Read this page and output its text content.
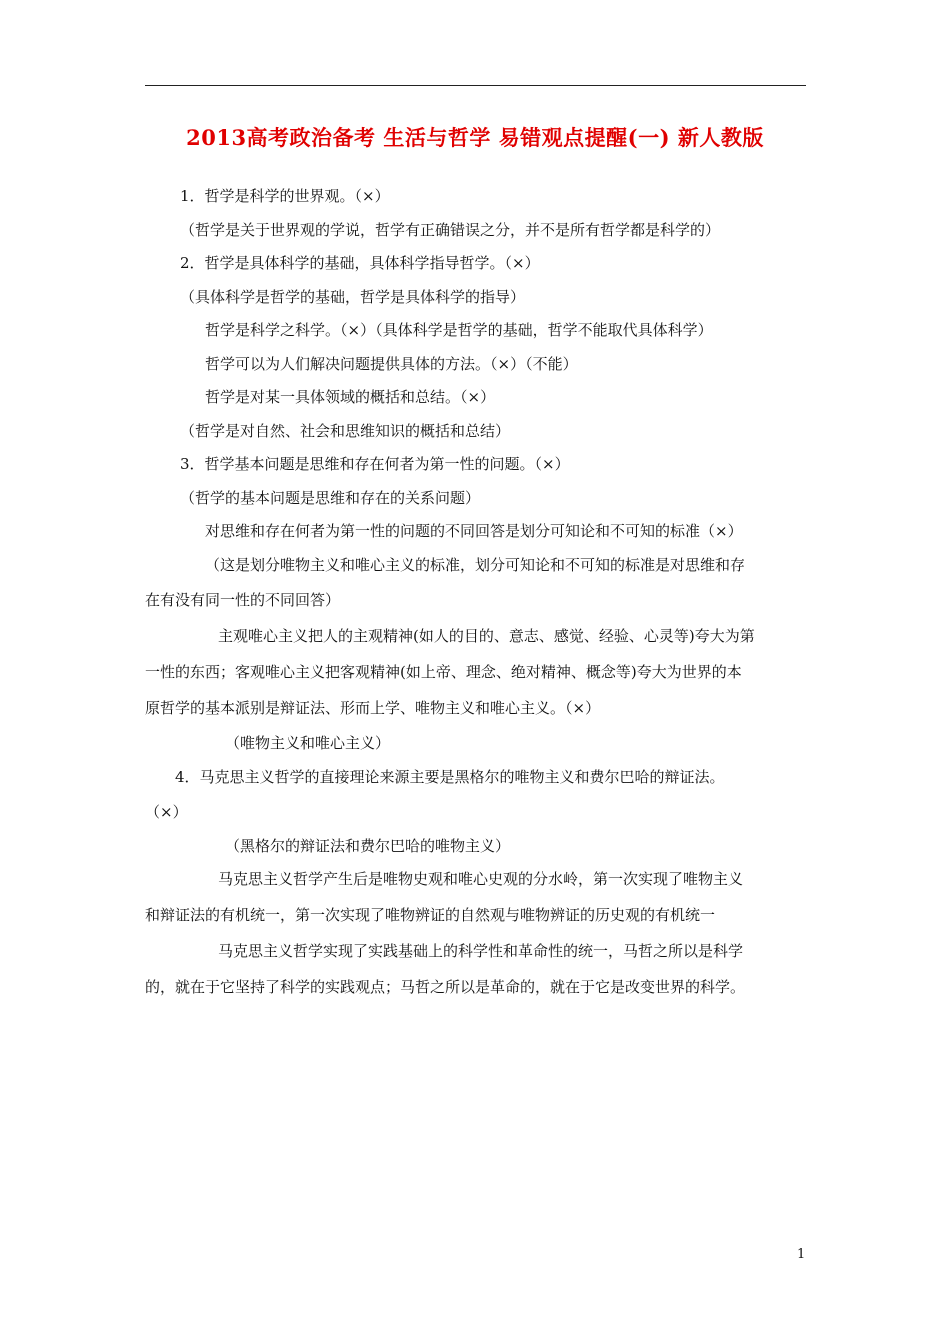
2013高考政治备考 生活与哲学 易错观点提醒(一) 新人教版
1．哲学是科学的世界观。（×）
（哲学是关于世界观的学说，哲学有正确错误之分，并不是所有哲学都是科学的）
2．哲学是具体科学的基础，具体科学指导哲学。（×）
（具体科学是哲学的基础，哲学是具体科学的指导）
哲学是科学之科学。（×）（具体科学是哲学的基础，哲学不能取代具体科学）
哲学可以为人们解决问题提供具体的方法。（×）（不能）
哲学是对某一具体领域的概括和总结。（×）
（哲学是对自然、社会和思维知识的概括和总结）
3．哲学基本问题是思维和存在何者为第一性的问题。（×）
（哲学的基本问题是思维和存在的关系问题）
对思维和存在何者为第一性的问题的不同回答是划分可知论和不可知的标准（×）
（这是划分唯物主义和唯心主义的标准，划分可知论和不可知的标准是对思维和存
在有没有同一性的不同回答）
主观唯心主义把人的主观精神(如人的目的、意志、感觉、经验、心灵等)夸大为第
一性的东西；客观唯心主义把客观精神(如上帝、理念、绝对精神、概念等)夸大为世界的本
原哲学的基本派别是辩证法、形而上学、唯物主义和唯心主义。（×）
（唯物主义和唯心主义）
4．马克思主义哲学的直接理论来源主要是黑格尔的唯物主义和费尔巴哈的辩证法。
（×）
（黑格尔的辩证法和费尔巴哈的唯物主义）
马克思主义哲学产生后是唯物史观和唯心史观的分水岭，第一次实现了唯物主义
和辩证法的有机统一，第一次实现了唯物辨证的自然观与唯物辨证的历史观的有机统一
马克思主义哲学实现了实践基础上的科学性和革命性的统一，马哲之所以是科学
的，就在于它坚持了科学的实践观点；马哲之所以是革命的，就在于它是改变世界的科学。
1
